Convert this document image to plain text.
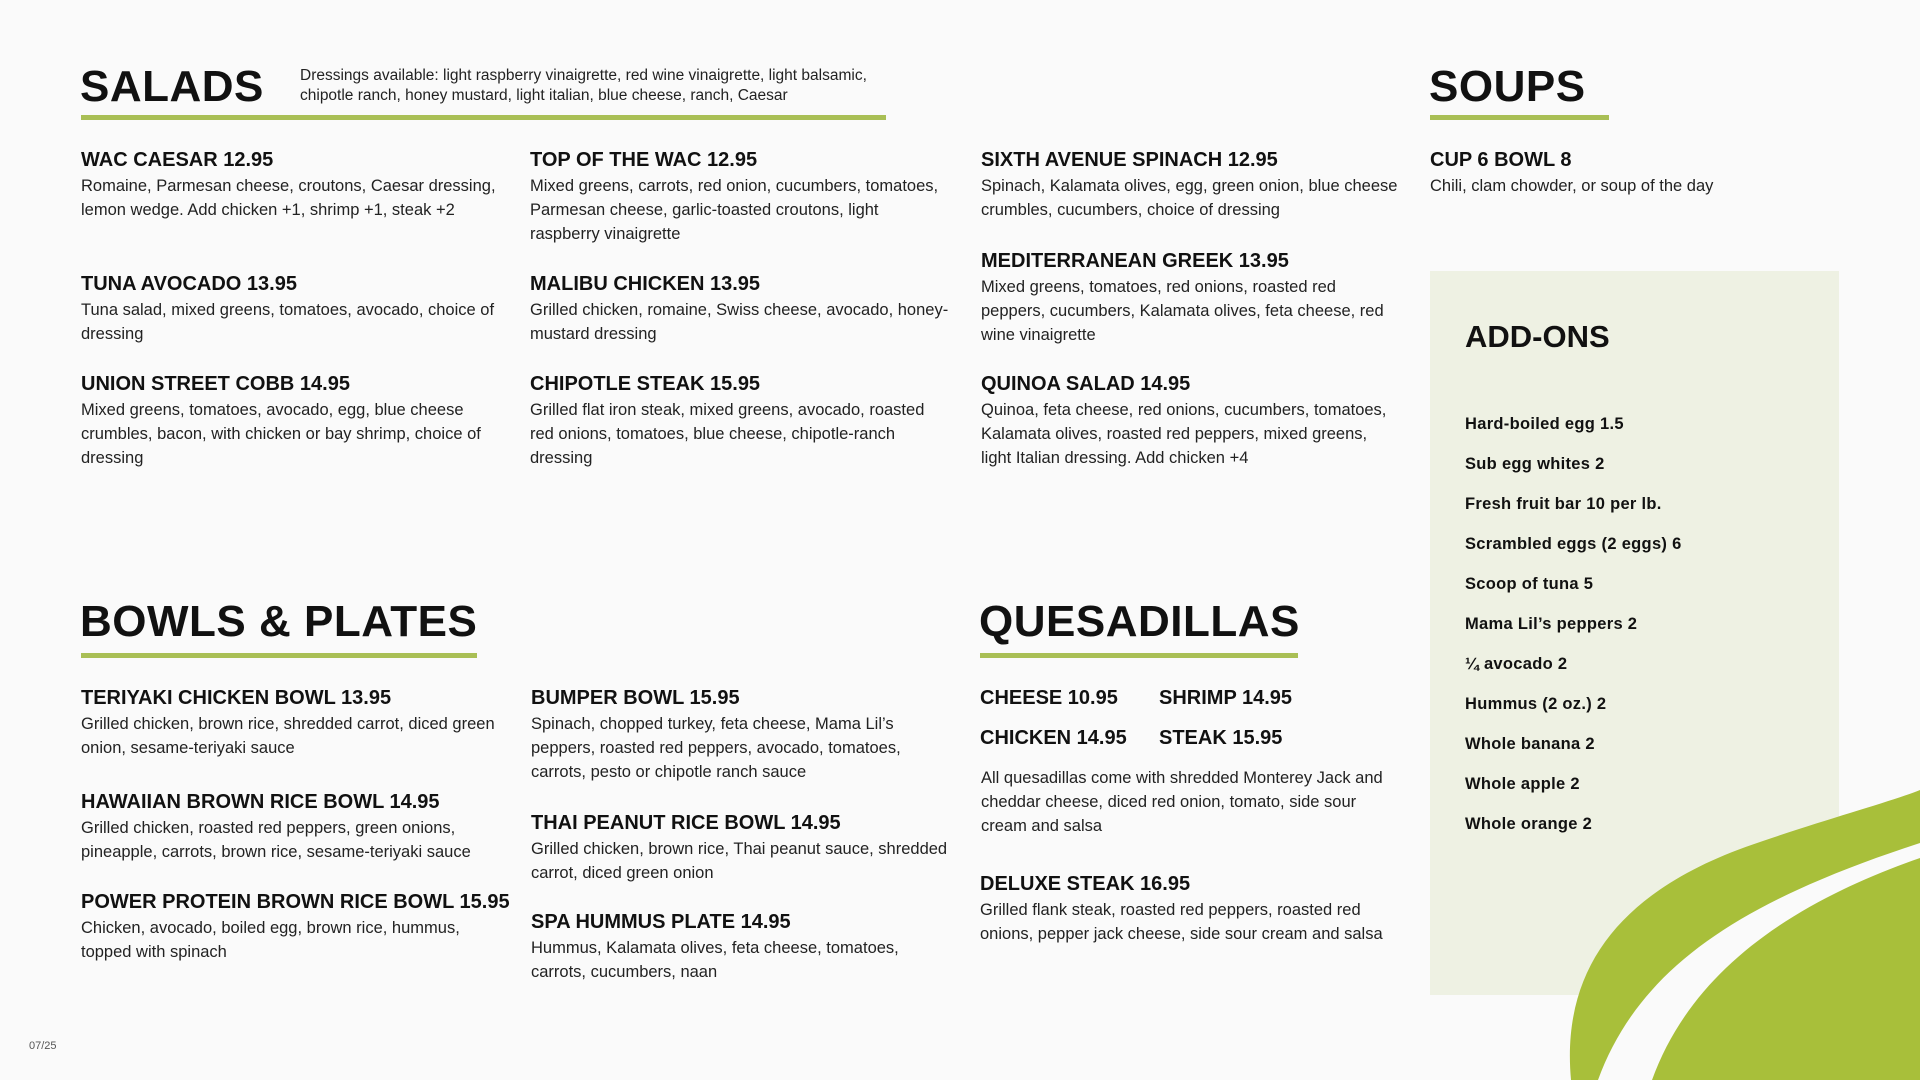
SALADS Dressings available: light raspberry vinaigrette, red wine vinaigrette, light balsamic, chipotle ranch, honey mustard, light italian, blue cheese, ranch, Caesar
WAC CAESAR 12.95
Romaine, Parmesan cheese, croutons, Caesar dressing, lemon wedge. Add chicken +1, shrimp +1, steak +2
TUNA AVOCADO 13.95
Tuna salad, mixed greens, tomatoes, avocado, choice of dressing
UNION STREET COBB 14.95
Mixed greens, tomatoes, avocado, egg, blue cheese crumbles, bacon, with chicken or bay shrimp, choice of dressing
TOP OF THE WAC 12.95
Mixed greens, carrots, red onion, cucumbers, tomatoes, Parmesan cheese, garlic-toasted croutons, light raspberry vinaigrette
MALIBU CHICKEN 13.95
Grilled chicken, romaine, Swiss cheese, avocado, honey-mustard dressing
CHIPOTLE STEAK 15.95
Grilled flat iron steak, mixed greens, avocado, roasted red onions, tomatoes, blue cheese, chipotle-ranch dressing
SIXTH AVENUE SPINACH 12.95
Spinach, Kalamata olives, egg, green onion, blue cheese crumbles, cucumbers, choice of dressing
MEDITERRANEAN GREEK 13.95
Mixed greens, tomatoes, red onions, roasted red peppers, cucumbers, Kalamata olives, feta cheese, red wine vinaigrette
QUINOA SALAD 14.95
Quinoa, feta cheese, red onions, cucumbers, tomatoes, Kalamata olives, roasted red peppers, mixed greens, light Italian dressing. Add chicken +4
SOUPS
CUP 6 BOWL 8
Chili, clam chowder, or soup of the day
ADD-ONS
Hard-boiled egg 1.5
Sub egg whites 2
Fresh fruit bar 10 per lb.
Scrambled eggs (2 eggs) 6
Scoop of tuna 5
Mama Lil’s peppers 2
¼ avocado 2
Hummus (2 oz.) 2
Whole banana 2
Whole apple 2
Whole orange 2
BOWLS & PLATES
TERIYAKI CHICKEN BOWL 13.95
Grilled chicken, brown rice, shredded carrot, diced green onion, sesame-teriyaki sauce
HAWAIIAN BROWN RICE BOWL 14.95
Grilled chicken, roasted red peppers, green onions, pineapple, carrots, brown rice, sesame-teriyaki sauce
POWER PROTEIN BROWN RICE BOWL 15.95
Chicken, avocado, boiled egg, brown rice, hummus, topped with spinach
BUMPER BOWL 15.95
Spinach, chopped turkey, feta cheese, Mama Lil’s peppers, roasted red peppers, avocado, tomatoes, carrots, pesto or chipotle ranch sauce
THAI PEANUT RICE BOWL 14.95
Grilled chicken, brown rice, Thai peanut sauce, shredded carrot, diced green onion
SPA HUMMUS PLATE 14.95
Hummus, Kalamata olives, feta cheese, tomatoes, carrots, cucumbers, naan
QUESADILLAS
CHEESE 10.95 SHRIMP 14.95
CHICKEN 14.95 STEAK 15.95
All quesadillas come with shredded Monterey Jack and cheddar cheese, diced red onion, tomato, side sour cream and salsa
DELUXE STEAK 16.95
Grilled flank steak, roasted red peppers, roasted red onions, pepper jack cheese, side sour cream and salsa
07/25
